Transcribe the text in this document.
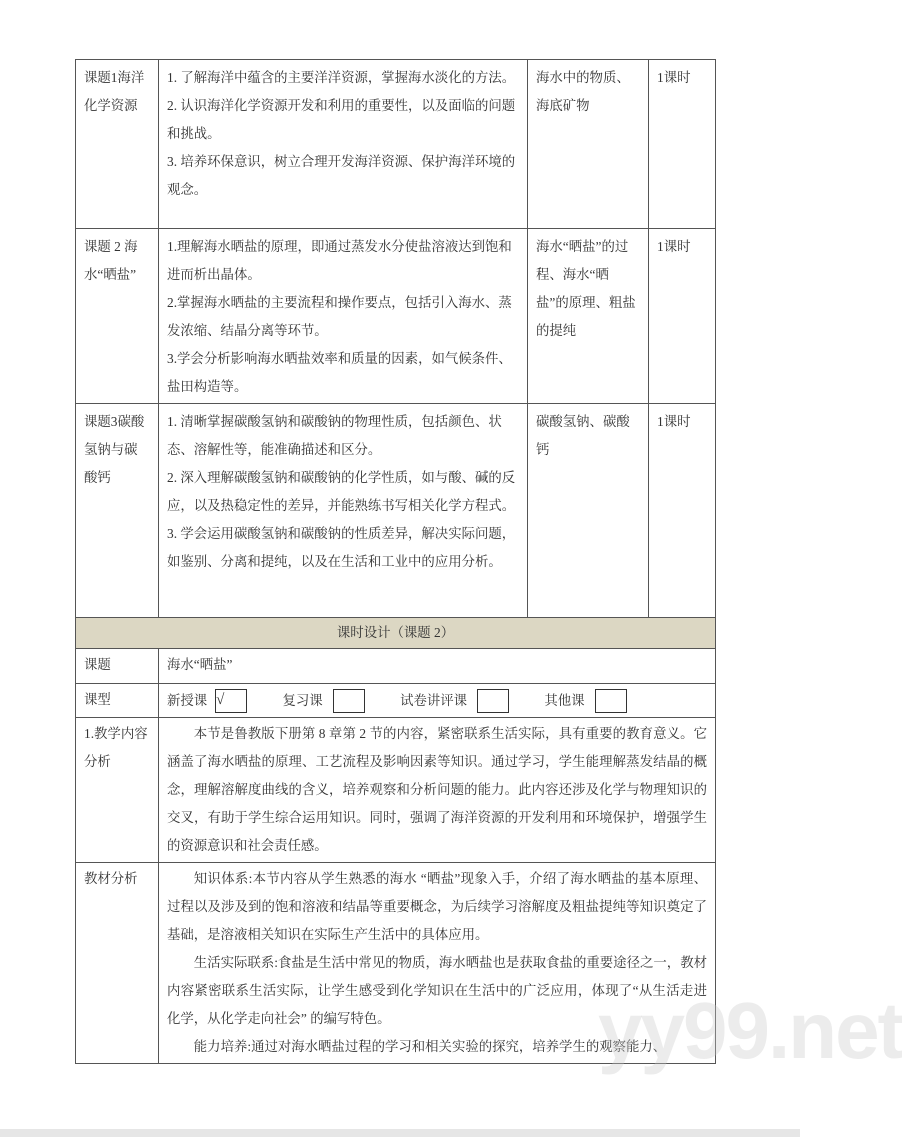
课题1海洋化学资源	1. 了解海洋中蕴含的主要洋洋资源，掌握海水淡化的方法。

2. 认识海洋化学资源开发和利用的重要性，以及面临的问题和挑战。

3. 培养环保意识，树立合理开发海洋资源、保护海洋环境的观念。	海水中的物质、海底矿物	1课时
课题 2 海水“晒盐”	1.理解海水晒盐的原理，即通过蒸发水分使盐溶液达到饱和进而析出晶体。

2.掌握海水晒盐的主要流程和操作要点，包括引入海水、蒸发浓缩、结晶分离等环节。

3.学会分析影响海水晒盐效率和质量的因素，如气候条件、盐田构造等。	海水“晒盐”的过程、海水“晒盐”的原理、粗盐的提纯	1课时
课题3碳酸氢钠与碳酸钙	1. 清晰掌握碳酸氢钠和碳酸钠的物理性质，包括颜色、状态、溶解性等，能准确描述和区分。

2. 深入理解碳酸氢钠和碳酸钠的化学性质，如与酸、碱的反应，以及热稳定性的差异，并能熟练书写相关化学方程式。

3. 学会运用碳酸氢钠和碳酸钠的性质差异，解决实际问题，如鉴别、分离和提纯，以及在生活和工业中的应用分析。	碳酸氢钠、碳酸钙	1课时
课时设计（课题 2）	
课题	海水“晒盐”
课型	新授课 √ 复习课 试卷讲评课 其他课
1.教学内容分析	本节是鲁教版下册第 8 章第 2 节的内容，紧密联系生活实际，具有重要的教育意义。它涵盖了海水晒盐的原理、工艺流程及影响因素等知识。通过学习，学生能理解蒸发结晶的概念，理解溶解度曲线的含义，培养观察和分析问题的能力。此内容还涉及化学与物理知识的交叉，有助于学生综合运用知识。同时，强调了海洋资源的开发利用和环境保护，增强学生的资源意识和社会责任感。

教材分析	知识体系:本节内容从学生熟悉的海水 “晒盐”现象入手，介绍了海水晒盐的基本原理、过程以及涉及到的饱和溶液和结晶等重要概念，为后续学习溶解度及粗盐提纯等知识奠定了基础，是溶液相关知识在实际生产生活中的具体应用。

生活实际联系:食盐是生活中常见的物质，海水晒盐也是获取食盐的重要途径之一，教材内容紧密联系生活实际，让学生感受到化学知识在生活中的广泛应用，体现了“从生活走进化学，从化学走向社会” 的编写特色。

能力培养:通过对海水晒盐过程的学习和相关实验的探究，培养学生的观察能力、

yy99.net
